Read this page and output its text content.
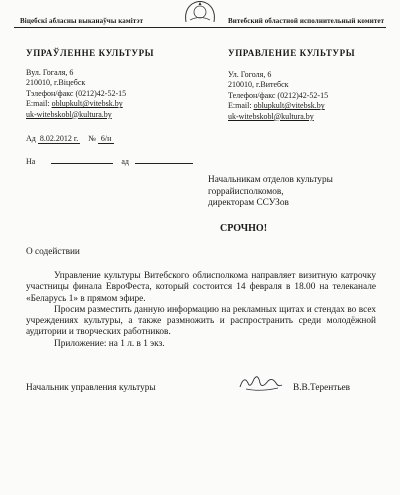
Віцебскі абласны выканаўчы камітэт	Витебский областной исполнительный комитет
УПРАЎЛЕННЕ КУЛЬТУРЫ
Вул. Гогаля, 6
210010, г.Віцебск
Тэлефон/факс (0212)42-52-15
E:mail: oblupkult@vitebsk.by
uk-witebskobl@kultura.by
УПРАВЛЕНИЕ КУЛЬТУРЫ
Ул. Гоголя, 6
210010, г.Витебск
Телефон/факс (0212)42-52-15
E:mail: oblupkult@vitebsk.by
uk-witebskobl@kultura.by
Ад 8.02.2012 г. № 6/н
На	ад
Начальникам отделов культуры
горрайисполкомов,
директорам ССУЗов
СРОЧНО!
О содействии

Управление культуры Витебского облисполкома направляет визитную катрочку участницы финала ЕвроФеста, который состоится 14 февраля в 18.00 на телеканале «Беларусь 1» в прямом эфире.

Просим разместить данную информацию на рекламных щитах и стендах во всех учреждениях культуры, а также размножить и распространить среди молодёжной аудитории и творческих работников.

Приложение: на 1 л. в 1 экз.

Начальник управления культуры	В.В.Терентьев
